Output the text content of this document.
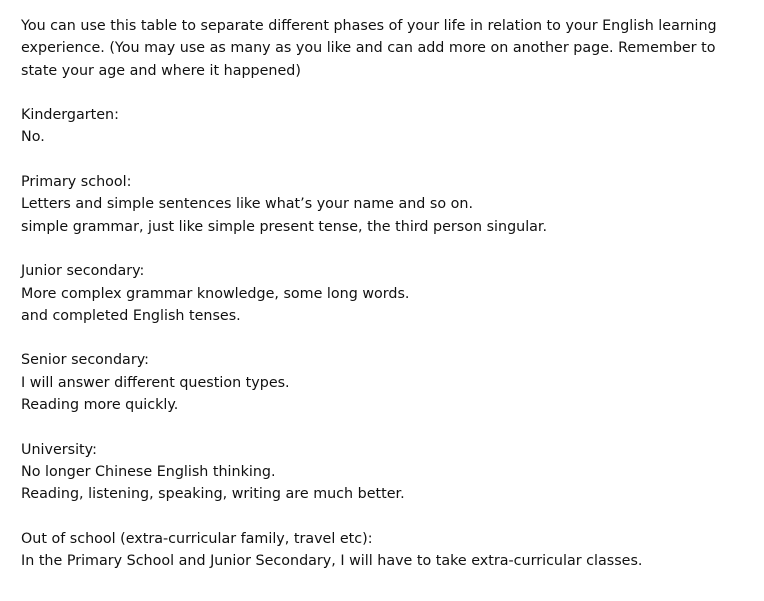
You can use this table to separate different phases of your life in relation to your English learning
experience. (You may use as many as you like and can add more on another page. Remember to
state your age and where it happened)
Kindergarten:
No.
Primary school:
Letters and simple sentences like what’s your name and so on.
simple grammar, just like simple present tense, the third person singular.
Junior secondary:
More complex grammar knowledge, some long words.
and completed English tenses.
Senior secondary:
I will answer different question types.
Reading more quickly.
University:
No longer Chinese English thinking.
Reading, listening, speaking, writing are much better.
Out of school (extra-curricular family, travel etc):
In the Primary School and Junior Secondary, I will have to take extra-curricular classes.
